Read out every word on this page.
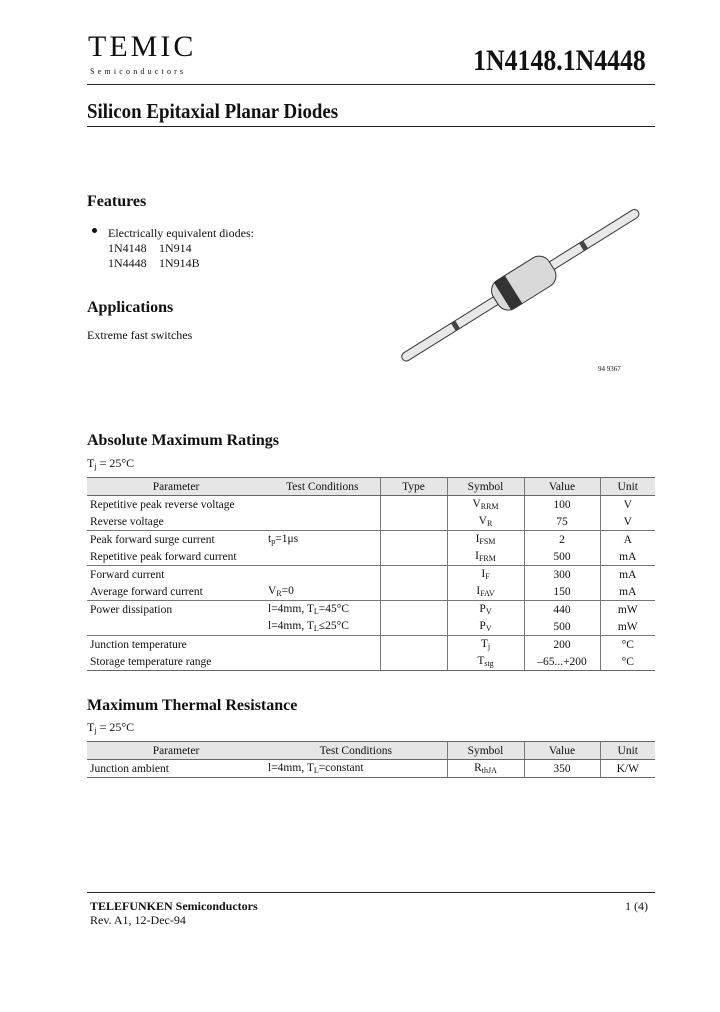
TEMIC
Semiconductors	1N4148.1N4448
Silicon Epitaxial Planar Diodes
Features
Electrically equivalent diodes:
1N4148 1N914
1N4448 1N914B
Applications
Extreme fast switches
94 9367
Absolute Maximum Ratings
$T_j = 25^\circ C$
Parameter	Test Conditions	Type	Symbol	Value	Unit
Repetitive peak reverse voltage			$V_{RRM}$	100	V
Reverse voltage			$V_R$	75	V
Peak forward surge current	$t_p=1\mu s$		$I_{FSM}$	2	A
Repetitive peak forward current			$I_{FRM}$	500	mA
Forward current			$I_F$	300	mA
Average forward current	$V_R=0$		$I_{FAV}$	150	mA
Power dissipation	l=4mm, $T_L=45^\circ C$		$P_V$	440	mW
	l=4mm, $T_L\le 25^\circ C$		$P_V$	500	mW
Junction temperature			$T_j$	200	°C
Storage temperature range			$T_{stg}$	–65...+200	°C
Maximum Thermal Resistance
$T_j = 25^\circ C$
Parameter	Test Conditions	Symbol	Value	Unit
Junction ambient	l=4mm, $T_L=constant$	$R_{thJA}$	350	K/W
TELEFUNKEN Semiconductors
Rev. A1, 12-Dec-94
1 (4)
